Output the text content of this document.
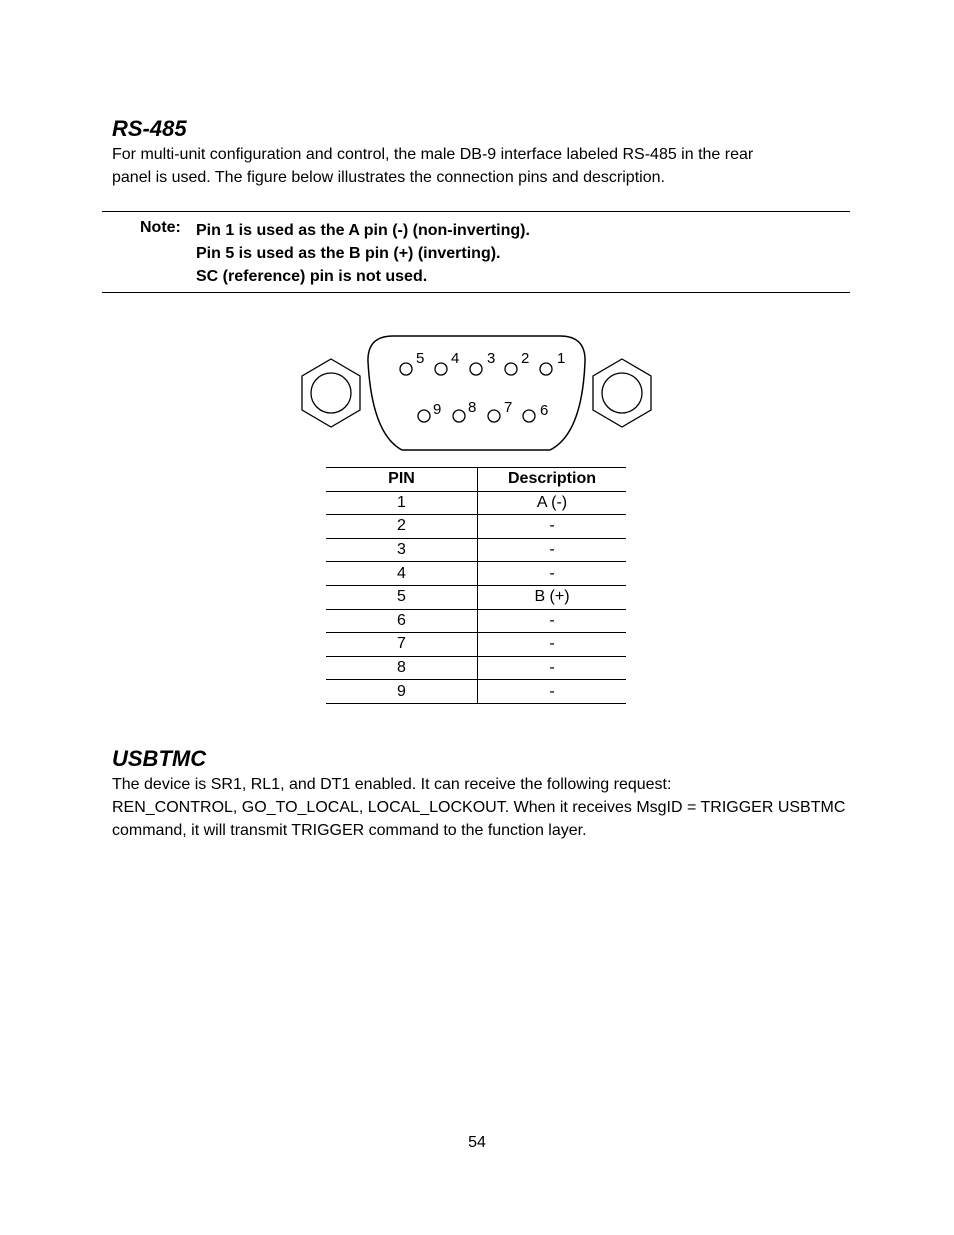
RS-485
For multi-unit configuration and control, the male DB-9 interface labeled RS-485 in the rear
panel is used. The figure below illustrates the connection pins and description.
Note: Pin 1 is used as the A pin (-) (non-inverting).
Pin 5 is used as the B pin (+) (inverting).
SC (reference) pin is not used.
5 4 3 2 1
9 8 7 6
PIN	Description
1	A (-)
2	-
3	-
4	-
5	B (+)
6	-
7	-
8	-
9	-
USBTMC
The device is SR1, RL1, and DT1 enabled. It can receive the following request:
REN_CONTROL, GO_TO_LOCAL, LOCAL_LOCKOUT. When it receives MsgID = TRIGGER USBTMC
command, it will transmit TRIGGER command to the function layer.
54
